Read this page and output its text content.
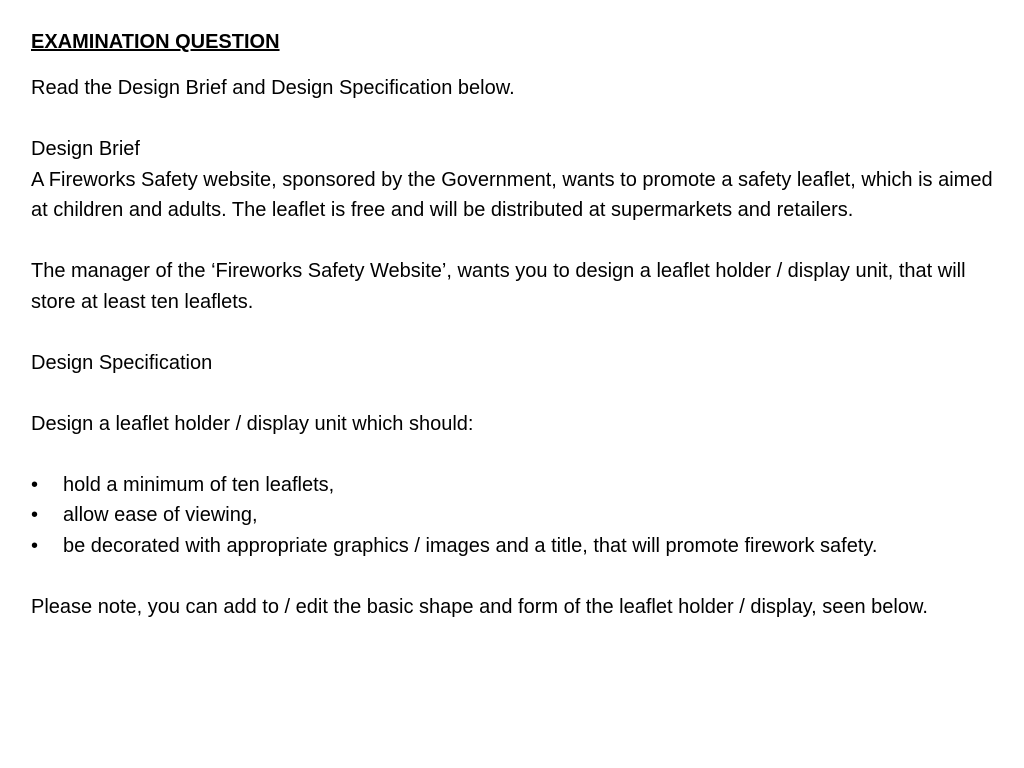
EXAMINATION QUESTION

Read the Design Brief and Design Specification below.

Design Brief

A Fireworks Safety website, sponsored by the Government, wants to promote a safety leaflet, which is aimed at children and adults. The leaflet is free and will be distributed at supermarkets and retailers.

The manager of the ‘Fireworks Safety Website’, wants you to design a leaflet holder / display unit, that will store at least ten leaflets.

Design Specification

Design a leaflet holder / display unit which should:

•	hold a minimum of ten leaflets,
•	allow ease of viewing,
•	be decorated with appropriate graphics / images and a title, that will promote firework safety.

Please note, you can add to / edit the basic shape and form of the leaflet holder / display, seen below.
